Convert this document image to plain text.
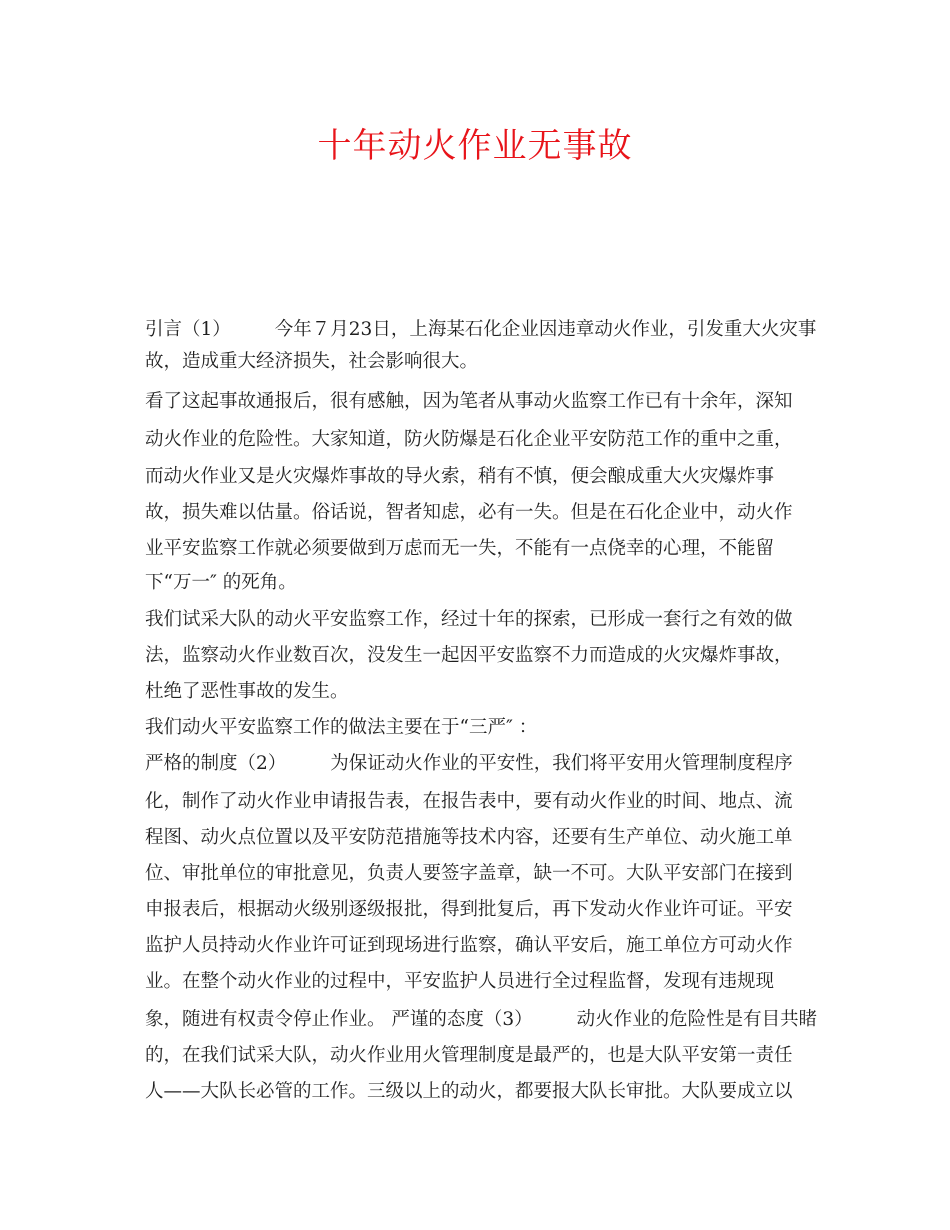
十年动火作业无事故
引言（1） 今年７月23日，上海某石化企业因违章动火作业，引发重大火灾事
故，造成重大经济损失，社会影响很大。
看了这起事故通报后，很有感触，因为笔者从事动火监察工作已有十余年，深知
动火作业的危险性。大家知道，防火防爆是石化企业平安防范工作的重中之重，
而动火作业又是火灾爆炸事故的导火索，稍有不慎，便会酿成重大火灾爆炸事
故，损失难以估量。俗话说，智者知虑，必有一失。但是在石化企业中，动火作
业平安监察工作就必须要做到万虑而无一失，不能有一点侥幸的心理，不能留
下“万一″ 的死角。
我们试采大队的动火平安监察工作，经过十年的探索，已形成一套行之有效的做
法，监察动火作业数百次，没发生一起因平安监察不力而造成的火灾爆炸事故，
杜绝了恶性事故的发生。
我们动火平安监察工作的做法主要在于“三严″ ：
严格的制度（2） 为保证动火作业的平安性，我们将平安用火管理制度程序
化，制作了动火作业申请报告表，在报告表中，要有动火作业的时间、地点、流
程图、动火点位置以及平安防范措施等技术内容，还要有生产单位、动火施工单
位、审批单位的审批意见，负责人要签字盖章，缺一不可。大队平安部门在接到
申报表后，根据动火级别逐级报批，得到批复后，再下发动火作业许可证。平安
监护人员持动火作业许可证到现场进行监察，确认平安后，施工单位方可动火作
业。在整个动火作业的过程中，平安监护人员进行全过程监督，发现有违规现
象，随进有权责令停止作业。 严谨的态度（3） 动火作业的危险性是有目共睹
的，在我们试采大队，动火作业用火管理制度是最严的，也是大队平安第一责任
人——大队长必管的工作。三级以上的动火，都要报大队长审批。大队要成立以
